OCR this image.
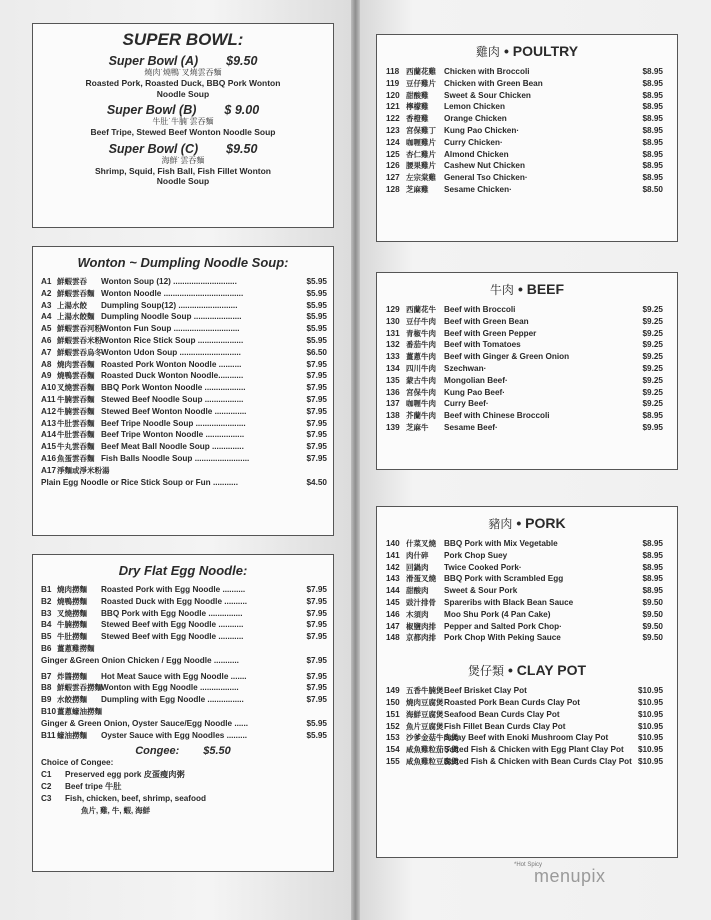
SUPER BOWL:
Super Bowl (A) $9.50
燒肉˙燒鴨˙叉燒雲吞麵
Roasted Pork, Roasted Duck, BBQ Pork Wonton Noodle Soup
Super Bowl (B) $ 9.00
牛肚˙牛腩˙雲吞麵
Beef Tripe, Stewed Beef Wonton Noodle Soup
Super Bowl (C) $9.50
海鮮˙雲吞麵
Shrimp, Squid, Fish Ball, Fish Fillet Wonton Noodle Soup
Wonton ~ Dumpling Noodle Soup:
A1 鮮蝦雲吞	Wonton Soup (12) ............................	$5.95
A2 鮮蝦雲吞麵 Wonton Noodle ...................................	$5.95
A3 上湯水餃	Dumpling Soup(12) ..........................	$5.95
A4 上湯水餃麵 Dumpling Noodle Soup .....................	$5.95
A5 鮮蝦雲吞河粉 Wonton Fun Soup .............................	$5.95
A6 鮮蝦雲吞米粉 Wonton Rice Stick Soup ....................	$5.95
A7 鮮蝦雲吞烏冬 Wonton Udon Soup ...........................	$6.50
A8 燒肉雲吞麵 Roasted Pork Wonton Noodle ..........	$7.95
A9 燒鴨雲吞麵 Roasted Duck Wonton Noodle...........	$7.95
A10 叉燒雲吞麵 BBQ Pork Wonton Noodle ..................	$7.95
A11 牛腩雲吞麵 Stewed Beef Noodle Soup .................	$7.95
A12 牛腩雲吞麵 Stewed Beef Wonton Noodle ..............	$7.95
A13 牛肚雲吞麵 Beef Tripe Noodle Soup ......................	$7.95
A14 牛肚雲吞麵 Beef Tripe Wonton Noodle .................	$7.95
A15 牛丸雲吞麵 Beef Meat Ball Noodle Soup ..............	$7.95
A16 魚蛋雲吞麵 Fish Balls Noodle Soup ........................	$7.95
A17 淨麵或淨米粉湯
Plain Egg Noodle or Rice Stick Soup or Fun ...........	$4.50
Dry Flat Egg Noodle:
B1 燒肉撈麵	Roasted Pork with Egg Noodle ..........	$7.95
B2 燒鴨撈麵	Roasted Duck with Egg Noodle ..........	$7.95
B3 叉燒撈麵	BBQ Pork with Egg Noodle ...............	$7.95
B4 牛腩撈麵	Stewed Beef with Egg Noodle ...........	$7.95
B5 牛肚撈麵	Stewed Beef with Egg Noodle ...........	$7.95
B6 薑蔥雞撈麵
Ginger &Green Onion Chicken / Egg Noodle ...........	$7.95
B7 炸醬撈麵	Hot Meat Sauce with Egg Noodle .......	$7.95
B8 鮮蝦雲吞撈麵 Wonton with Egg Noodle .................	$7.95
B9 水餃撈麵	Dumpling with Egg Noodle ................	$7.95
B10 薑蔥蠔油撈麵
Ginger & Green Onion, Oyster Sauce/Egg Noodle ......	$5.95
B11 蠔油撈麵	Oyster Sauce with Egg Noodles .........	$5.95
Congee: $5.50
Choice of Congee:
C1	Preserved egg pork 皮蛋瘦肉粥
C2	Beef tripe 牛肚
C3	Fish, chicken, beef, shrimp, seafood
魚片, 雞, 牛, 蝦, 海鮮
雞肉 • POULTRY
118 西蘭花雞 Chicken with Broccoli	$8.95
119 豆仔雞片 Chicken with Green Bean	$8.95
120 甜酸雞	Sweet & Sour Chicken	$8.95
121 檸檬雞	Lemon Chicken	$8.95
122 香橙雞	Orange Chicken	$8.95
123 宮保雞丁 Kung Pao Chicken·	$8.95
124 咖喱雞片 Curry Chicken·	$8.95
125 杏仁雞片 Almond Chicken	$8.95
126 腰果雞片 Cashew Nut Chicken	$8.95
127 左宗棠雞 General Tso Chicken·	$8.95
128 芝麻雞	Sesame Chicken·	$8.50
牛肉 • BEEF
129 西蘭花牛 Beef with Broccoli	$9.25
130 豆仔牛肉 Beef with Green Bean	$9.25
131 青椒牛肉 Beef with Green Pepper	$9.25
132 番茄牛肉 Beef with Tomatoes	$9.25
133 薑蔥牛肉 Beef with Ginger & Green Onion	$9.25
134 四川牛肉 Szechwan·	$9.25
135 蒙古牛肉 Mongolian Beef·	$9.25
136 宮保牛肉 Kung Pao Beef·	$9.25
137 咖喱牛肉 Curry Beef·	$9.25
138 芥蘭牛肉 Beef with Chinese Broccoli	$8.95
139 芝麻牛	Sesame Beef·	$9.95
豬肉 • PORK
140 什菜叉燒 BBQ Pork with Mix Vegetable	$8.95
141 肉什碎	Pork Chop Suey	$8.95
142 回鍋肉	Twice Cooked Pork·	$8.95
143 滑蛋叉燒 BBQ Pork with Scrambled Egg	$8.95
144 甜酸肉	Sweet & Sour Pork	$8.95
145 豉汁排骨 Spareribs with Black Bean Sauce	$9.50
146 木須肉	Moo Shu Pork (4 Pan Cake)	$9.50
147 椒鹽肉排 Pepper and Salted Pork Chop·	$9.50
148 京都肉排 Pork Chop With Peking Sauce	$9.50
煲仔類 • CLAY POT
149 五香牛腩煲 Beef Brisket Clay Pot	$10.95
150 燒肉豆腐煲 Roasted Pork Bean Curds Clay Pot	$10.95
151 海鮮豆腐煲 Seafood Bean Curds Clay Pot	$10.95
152 魚片豆腐煲 Fish Fillet Bean Curds Clay Pot	$10.95
153 沙爹金菇牛肉煲
Satay Beef with Enoki Mushroom Clay Pot	$10.95
154 咸魚雞粒茄子煲
Salted Fish & Chicken with Egg Plant Clay Pot	$10.95
155 咸魚雞粒豆腐煲
Salted Fish & Chicken with Bean Curds Clay Pot $10.95
*Hot Spicy
menupix
